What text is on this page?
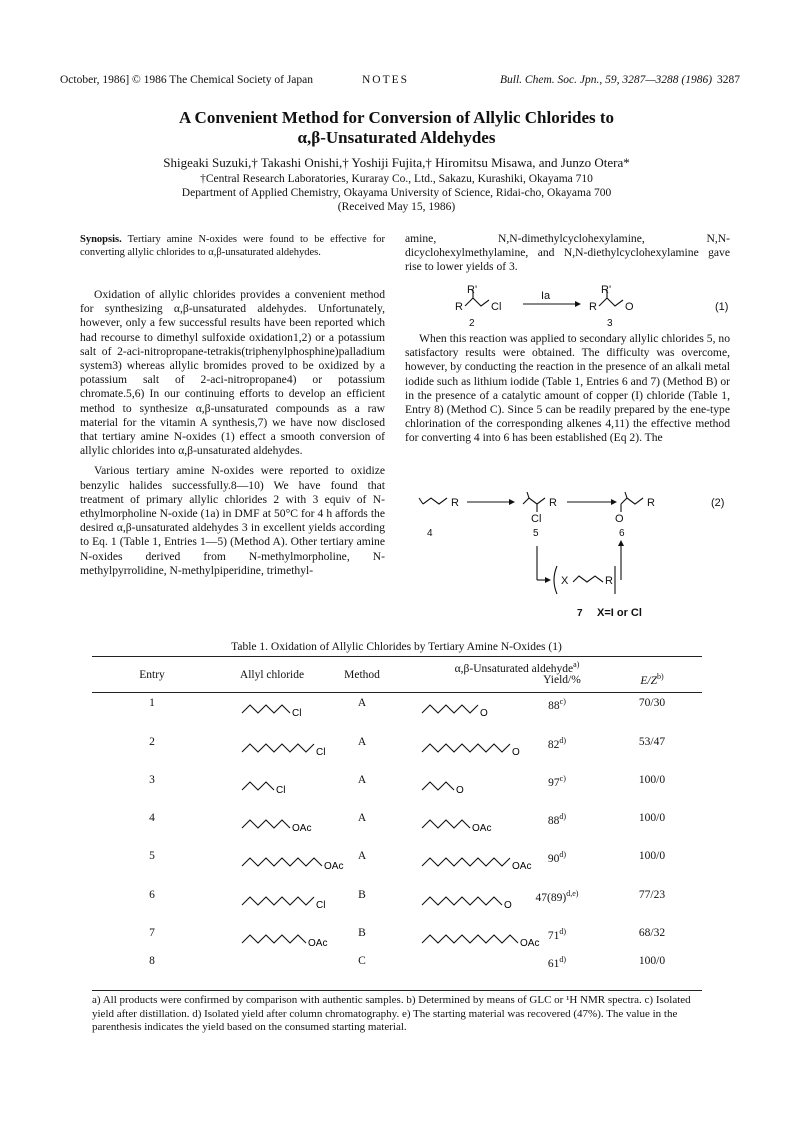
October, 1986] © 1986 The Chemical Society of Japan	NOTES	Bull. Chem. Soc. Jpn., 59, 3287—3288 (1986) 3287
A Convenient Method for Conversion of Allylic Chlorides to
α,β-Unsaturated Aldehydes
Shigeaki Suzuki,† Takashi Onishi,† Yoshiji Fujita,† Hiromitsu Misawa, and Junzo Otera*
†Central Research Laboratories, Kuraray Co., Ltd., Sakazu, Kurashiki, Okayama 710
Department of Applied Chemistry, Okayama University of Science, Ridai-cho, Okayama 700
(Received May 15, 1986)
Synopsis. Tertiary amine N-oxides were found to be effective for converting allylic chlorides to α,β-unsaturated aldehydes.

Oxidation of allylic chlorides provides a convenient method for synthesizing α,β-unsaturated aldehydes. Unfortunately, however, only a few successful results have been reported which had recourse to dimethyl sulfoxide oxidation1,2) or a potassium salt of 2-aci-nitropropane-tetrakis(triphenylphosphine)palladium system3) whereas allylic bromides proved to be oxidized by a potassium salt of 2-aci-nitropropane4) or potassium chromate.5,6) In our continuing efforts to develop an efficient method to synthesize α,β-unsaturated compounds as a raw material for the vitamin A synthesis,7) we have now disclosed that tertiary amine N-oxides (1) effect a smooth conversion of allylic chlorides into α,β-unsaturated aldehydes.

Various tertiary amine N-oxides were reported to oxidize benzylic halides successfully.8—10) We have found that treatment of primary allylic chlorides 2 with 3 equiv of N-ethylmorpholine N-oxide (1a) in DMF at 50°C for 4 h affords the desired α,β-unsaturated aldehydes 3 in excellent yields according to Eq. 1 (Table 1, Entries 1—5) (Method A). Other tertiary amine N-oxides derived from N-methylmorpholine, N-methylpyrrolidine, N-methylpiperidine, trimethyl-

amine, N,N-dimethylcyclohexylamine, N,N-dicyclohexylmethylamine, and N,N-diethylcyclohexylamine gave rise to lower yields of 3.
R'
R	Cl
Ia	R'
R	O
2	3
(1)
When this reaction was applied to secondary allylic chlorides 5, no satisfactory results were obtained. The difficulty was overcome, however, by conducting the reaction in the presence of an alkali metal iodide such as lithium iodide (Table 1, Entries 6 and 7) (Method B) or in the presence of a catalytic amount of copper (I) chloride (Table 1, Entry 8) (Method C). Since 5 can be readily prepared by the ene-type chlorination of the corresponding alkenes 4,11) the effective method for converting 4 into 6 has been established (Eq 2). The
R
Cl
R
O
R	(2)
4	5	6
X	R
7 X=I or Cl
Table 1. Oxidation of Allylic Chlorides by Tertiary Amine N-Oxides (1)
Entry	Allyl chloride	Method
α,β-Unsaturated aldehyde$^{a)}$
Yield/%	$E/Z^{b)}$
1	A	88$^{c)}$	70/30
Cl	O
2	A	82$^{d)}$	53/47
Cl	O
3	A	97$^{c)}$	100/0
Cl	O
4	A	88$^{d)}$	100/0
OAc	OAc
5	A	90$^{d)}$	100/0
OAc	OAc
6	B	$47(89)^{d,e)}$	77/23
Cl	O
7	B	71$^{d)}$	68/32
OAc	OAc
8	C	61$^{d)}$	100/0
a) All products were confirmed by comparison with authentic samples. b) Determined by means of GLC or ¹H NMR spectra. c) Isolated yield after distillation. d) Isolated yield after column chromatography. e) The starting material was recovered (47%). The value in the parenthesis indicates the yield based on the consumed starting material.
